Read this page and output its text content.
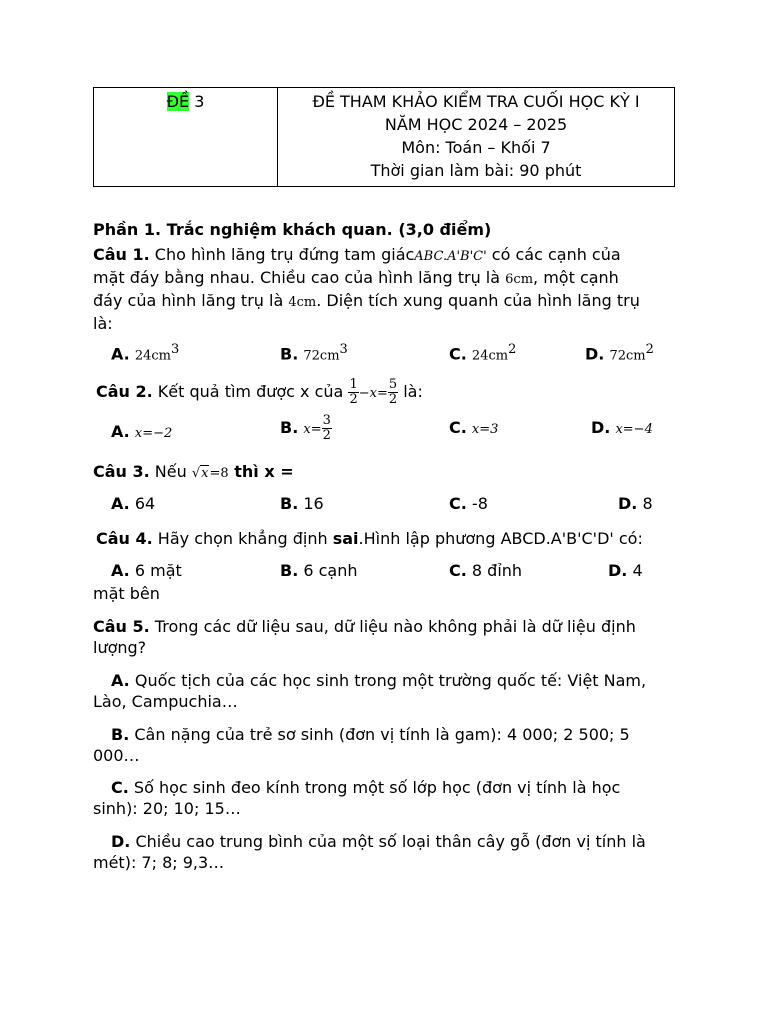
ĐỀ 3	ĐỀ THAM KHẢO KIỂM TRA CUỐI HỌC KỲ I
NĂM HỌC 2024 – 2025
Môn: Toán – Khối 7
Thời gian làm bài: 90 phút
Phần 1. Trắc nghiệm khách quan. (3,0 điểm)
Câu 1. Cho hình lăng trụ đứng tam giácABC.A'B'C' có các cạnh của
mặt đáy bằng nhau. Chiều cao của hình lăng trụ là 6cm, một cạnh
đáy của hình lăng trụ là 4cm. Diện tích xung quanh của hình lăng trụ
là:
A. $24cm^3$	B. $72cm^3$	C. $24cm^2$	D. $72cm^2$
Câu 2. Kết quả tìm được x của $\frac{1}{2} -x= \frac{5}{2}$ là:
A. x=−2	B. $x= \frac{3}{2}$	C. x=3	D. x=−4
Câu 3. Nếu √x=8 thì x =
A. 64	B. 16	C. -8	D. 8
Câu 4. Hãy chọn khẳng định sai.Hình lập phương ABCD.A'B'C'D' có:
A. 6 mặt	B. 6 cạnh	C. 8 đỉnh	D. 4
mặt bên
Câu 5. Trong các dữ liệu sau, dữ liệu nào không phải là dữ liệu định
lượng?
A. Quốc tịch của các học sinh trong một trường quốc tế: Việt Nam,
Lào, Campuchia…
B. Cân nặng của trẻ sơ sinh (đơn vị tính là gam): 4 000; 2 500; 5
000…
C. Số học sinh đeo kính trong một số lớp học (đơn vị tính là học
sinh): 20; 10; 15…
D. Chiều cao trung bình của một số loại thân cây gỗ (đơn vị tính là
mét): 7; 8; 9,3…
